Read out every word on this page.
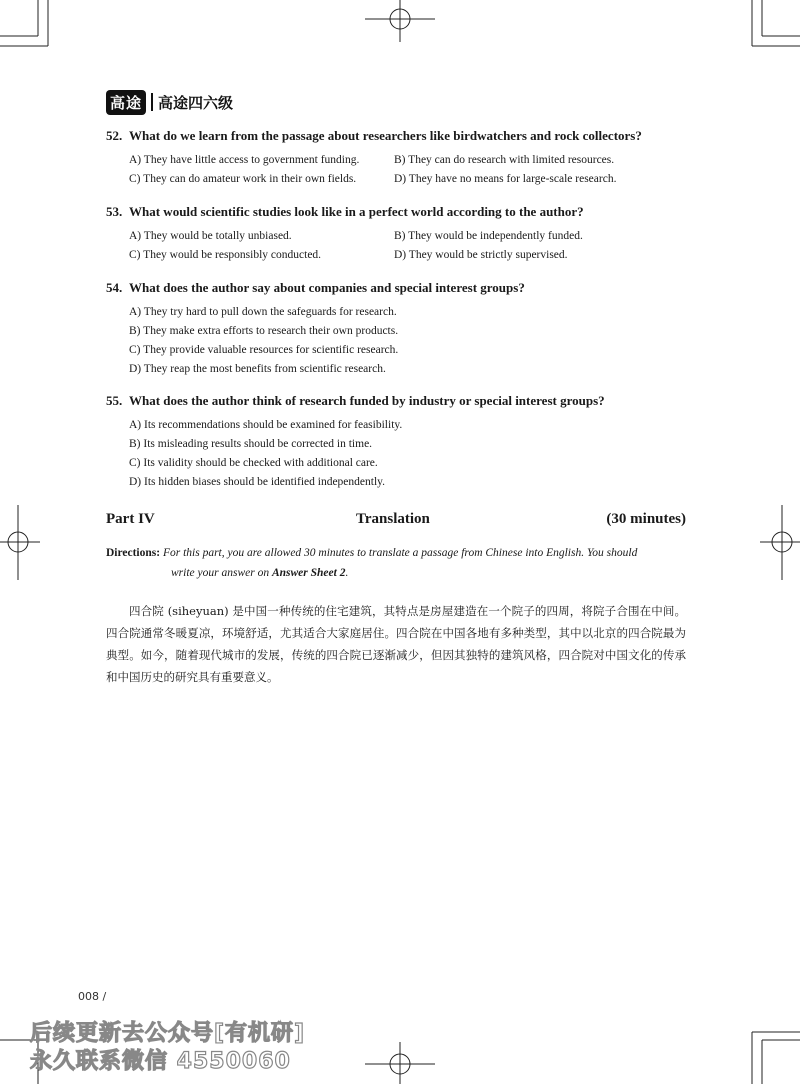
高途 高途四六级
52. What do we learn from the passage about researchers like birdwatchers and rock collectors?
A) They have little access to government funding.	B) They can do research with limited resources.
C) They can do amateur work in their own fields.	D) They have no means for large-scale research.
53. What would scientific studies look like in a perfect world according to the author?
A) They would be totally unbiased.	B) They would be independently funded.
C) They would be responsibly conducted.	D) They would be strictly supervised.
54. What does the author say about companies and special interest groups?
A) They try hard to pull down the safeguards for research.
B) They make extra efforts to research their own products.
C) They provide valuable resources for scientific research.
D) They reap the most benefits from scientific research.
55. What does the author think of research funded by industry or special interest groups?
A) Its recommendations should be examined for feasibility.
B) Its misleading results should be corrected in time.
C) Its validity should be checked with additional care.
D) Its hidden biases should be identified independently.
Part IV	Translation	(30 minutes)
Directions: For this part, you are allowed 30 minutes to translate a passage from Chinese into English. You should
write your answer on Answer Sheet 2.
四合院 (siheyuan) 是中国一种传统的住宅建筑，其特点是房屋建造在一个院子的四周，将院子合围在中间。四合院通常冬暖夏凉，环境舒适，尤其适合大家庭居住。四合院在中国各地有多种类型，其中以北京的四合院最为典型。如今，随着现代城市的发展，传统的四合院已逐渐减少，但因其独特的建筑风格，四合院对中国文化的传承和中国历史的研究具有重要意义。
008 /
后续更新去公众号[有机研]
永久联系微信 4550060
